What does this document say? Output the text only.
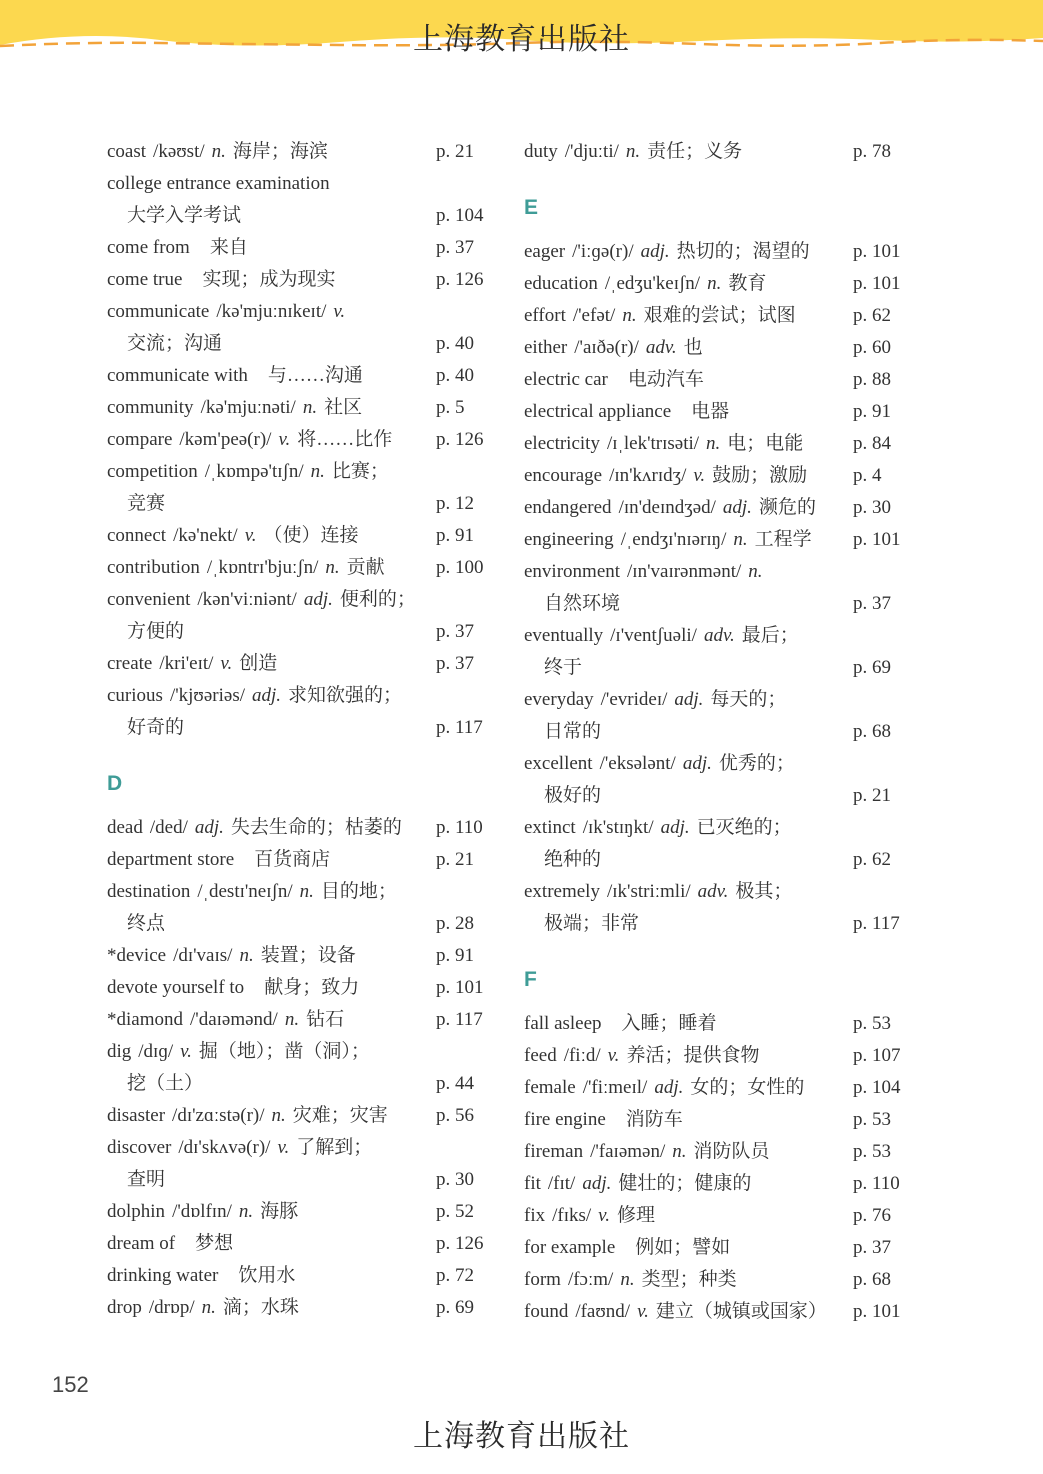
上海教育出版社
coast /kəʊst/ n. 海岸；海滨	p. 21
college entrance examination
大学入学考试	p. 104
come from 来自	p. 37
come true 实现；成为现实	p. 126
communicate /kə'mjuːnɪkeɪt/ v.
交流；沟通	p. 40
communicate with 与……沟通	p. 40
community /kə'mjuːnəti/ n. 社区	p. 5
compare /kəm'peə(r)/ v. 将……比作 p. 126
competition /ˌkɒmpə'tɪʃn/ n. 比赛；
竞赛	p. 12
connect /kə'nekt/ v. （使）连接	p. 91
contribution /ˌkɒntrɪ'bjuːʃn/ n. 贡献	p. 100
convenient /kən'viːniənt/ adj. 便利的；
方便的	p. 37
create /kri'eɪt/ v. 创造	p. 37
curious /'kjʊəriəs/ adj. 求知欲强的；
好奇的	p. 117
D
dead /ded/ adj. 失去生命的；枯萎的 p. 110
department store 百货商店	p. 21
destination /ˌdestɪ'neɪʃn/ n. 目的地；
终点	p. 28
*device /dɪ'vaɪs/ n. 装置；设备	p. 91
devote yourself to 献身；致力	p. 101
*diamond /'daɪəmənd/ n. 钻石	p. 117
dig /dɪɡ/ v. 掘（地）；凿（洞）；
挖（土）	p. 44
disaster /dɪ'zɑːstə(r)/ n. 灾难；灾害	p. 56
discover /dɪ'skʌvə(r)/ v. 了解到；
查明	p. 30
dolphin /'dɒlfɪn/ n. 海豚	p. 52
dream of 梦想	p. 126
drinking water 饮用水	p. 72
drop /drɒp/ n. 滴；水珠	p. 69
duty /'djuːti/ n. 责任；义务	p. 78
E
eager /'iːɡə(r)/ adj. 热切的；渴望的 p. 101
education /ˌedʒu'keɪʃn/ n. 教育	p. 101
effort /'efət/ n. 艰难的尝试；试图	p. 62
either /'aɪðə(r)/ adv. 也	p. 60
electric car 电动汽车	p. 88
electrical appliance 电器	p. 91
electricity /ɪˌlek'trɪsəti/ n. 电；电能	p. 84
encourage /ɪn'kʌrɪdʒ/ v. 鼓励；激励 p. 4
endangered /ɪn'deɪndʒəd/ adj. 濒危的 p. 30
engineering /ˌendʒɪ'nɪərɪŋ/ n. 工程学 p. 101
environment /ɪn'vaɪrənmənt/ n.
自然环境	p. 37
eventually /ɪ'ventʃuəli/ adv. 最后；
终于	p. 69
everyday /'evrideɪ/ adj. 每天的；
日常的	p. 68
excellent /'eksələnt/ adj. 优秀的；
极好的	p. 21
extinct /ɪk'stɪŋkt/ adj. 已灭绝的；
绝种的	p. 62
extremely /ɪk'striːmli/ adv. 极其；
极端；非常	p. 117
F
fall asleep 入睡；睡着	p. 53
feed /fiːd/ v. 养活；提供食物	p. 107
female /'fiːmeɪl/ adj. 女的；女性的	p. 104
fire engine 消防车	p. 53
fireman /'faɪəmən/ n. 消防队员	p. 53
fit /fɪt/ adj. 健壮的；健康的	p. 110
fix /fɪks/ v. 修理	p. 76
for example 例如；譬如	p. 37
form /fɔːm/ n. 类型；种类	p. 68
found /faʊnd/ v. 建立（城镇或国家） p. 101
152
上海教育出版社
